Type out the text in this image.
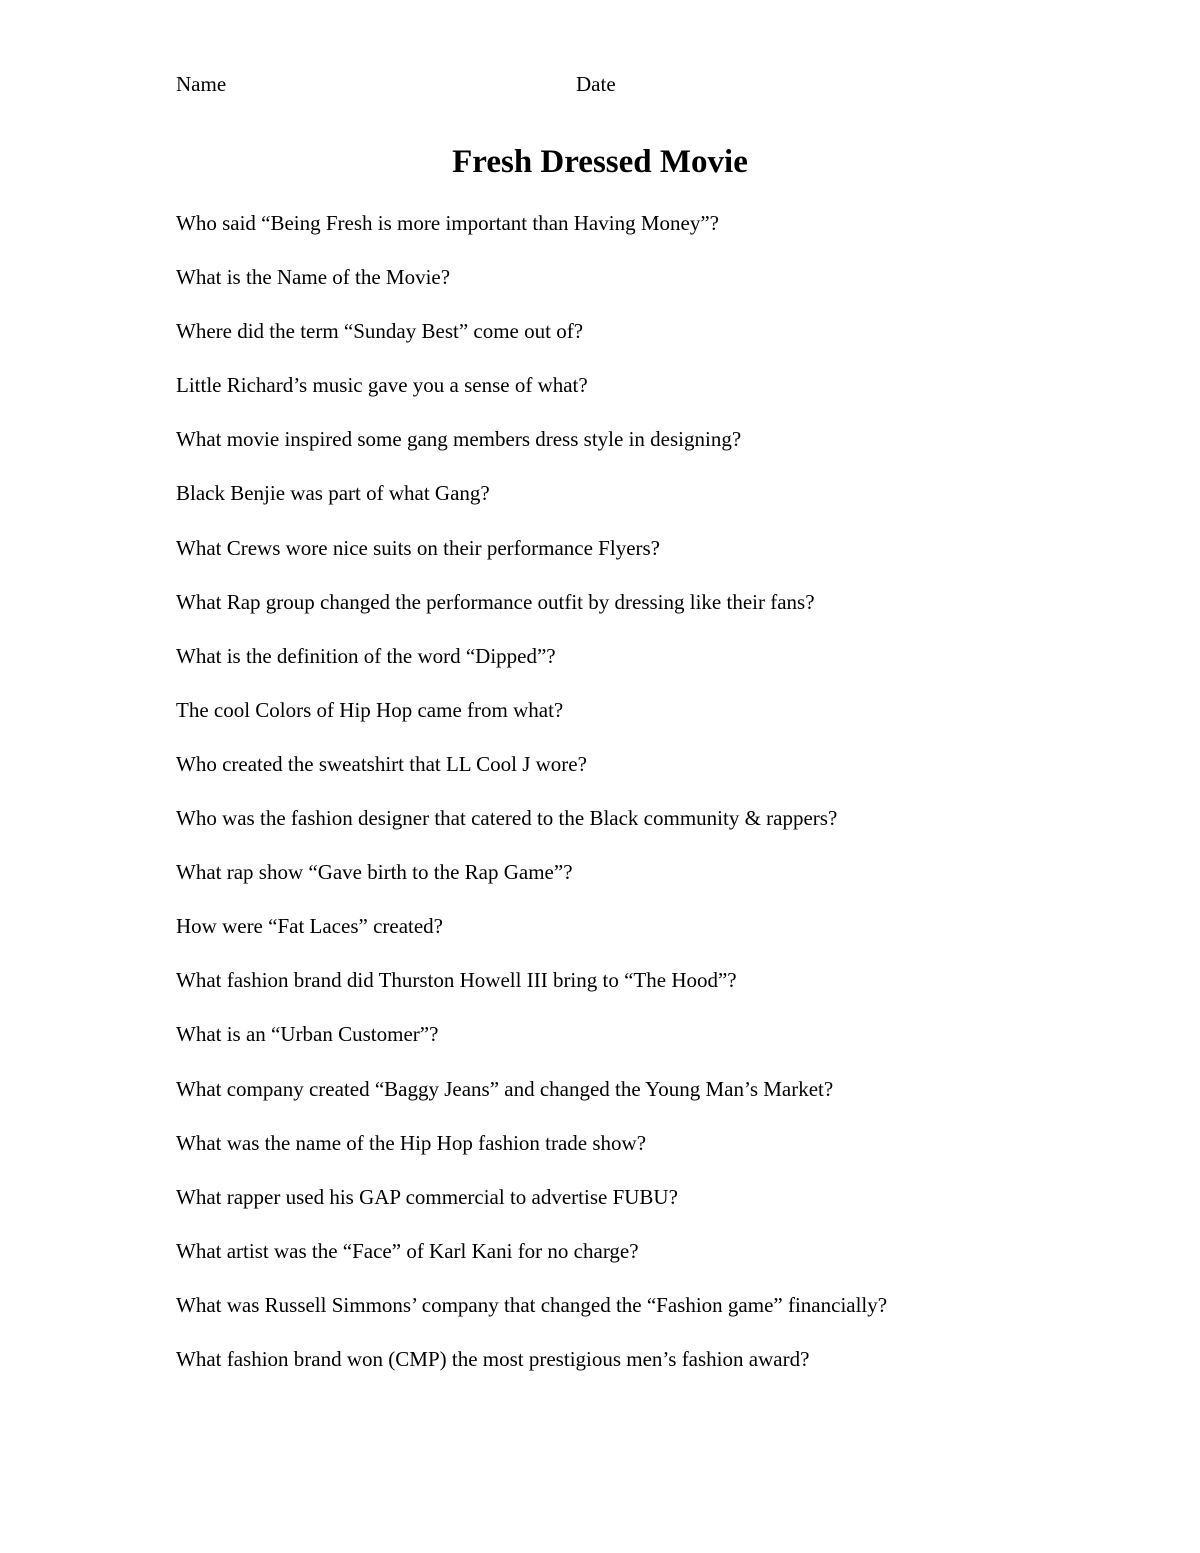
Name	Date
Fresh Dressed Movie
Who said “Being Fresh is more important than Having Money”?
What is the Name of the Movie?
Where did the term “Sunday Best” come out of?
Little Richard’s music gave you a sense of what?
What movie inspired some gang members dress style in designing?
Black Benjie was part of what Gang?
What Crews wore nice suits on their performance Flyers?
What Rap group changed the performance outfit by dressing like their fans?
What is the definition of the word “Dipped”?
The cool Colors of Hip Hop came from what?
Who created the sweatshirt that LL Cool J wore?
Who was the fashion designer that catered to the Black community & rappers?
What rap show “Gave birth to the Rap Game”?
How were “Fat Laces” created?
What fashion brand did Thurston Howell III bring to “The Hood”?
What is an “Urban Customer”?
What company created “Baggy Jeans” and changed the Young Man’s Market?
What was the name of the Hip Hop fashion trade show?
What rapper used his GAP commercial to advertise FUBU?
What artist was the “Face” of Karl Kani for no charge?
What was Russell Simmons’ company that changed the “Fashion game” financially?
What fashion brand won (CMP) the most prestigious men’s fashion award?
